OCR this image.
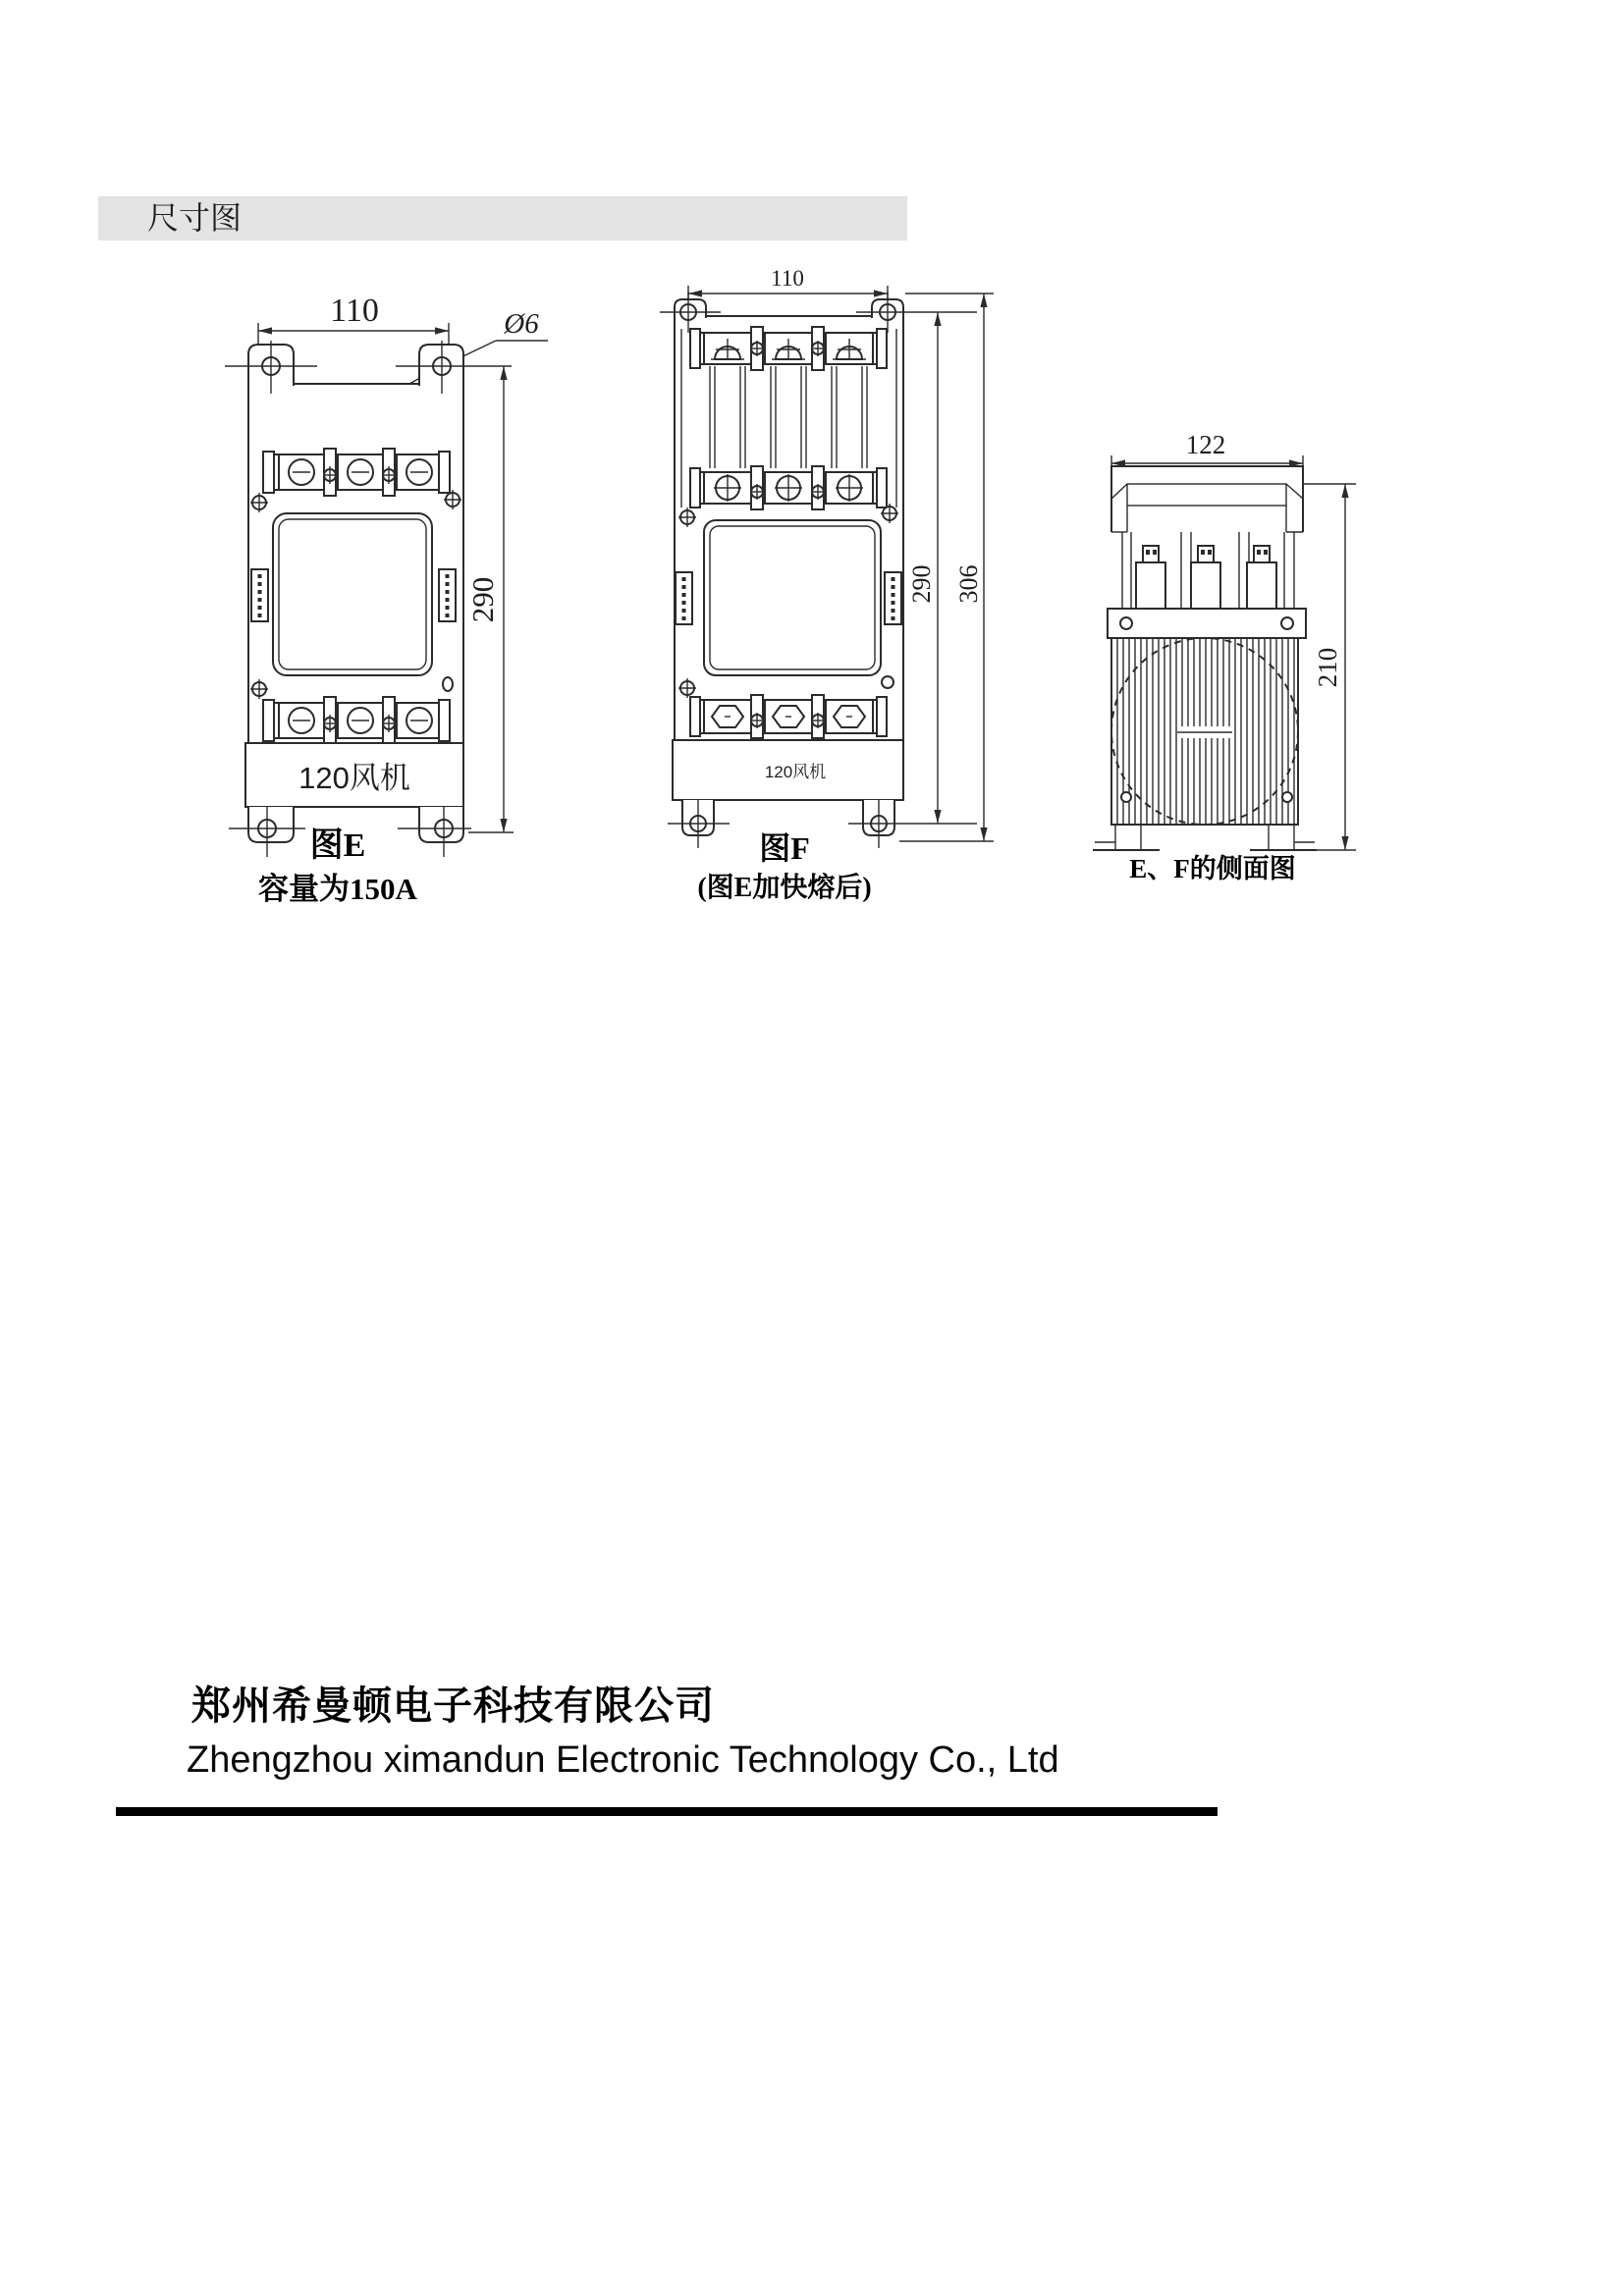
尺寸图
110	Ø6
120风机
290
图E
容量为150A
110
120风机
290 306
图F
(图E加快熔后)
122
210
E、F的侧面图
郑州希曼顿电子科技有限公司
Zhengzhou ximandun Electronic Technology Co., Ltd
